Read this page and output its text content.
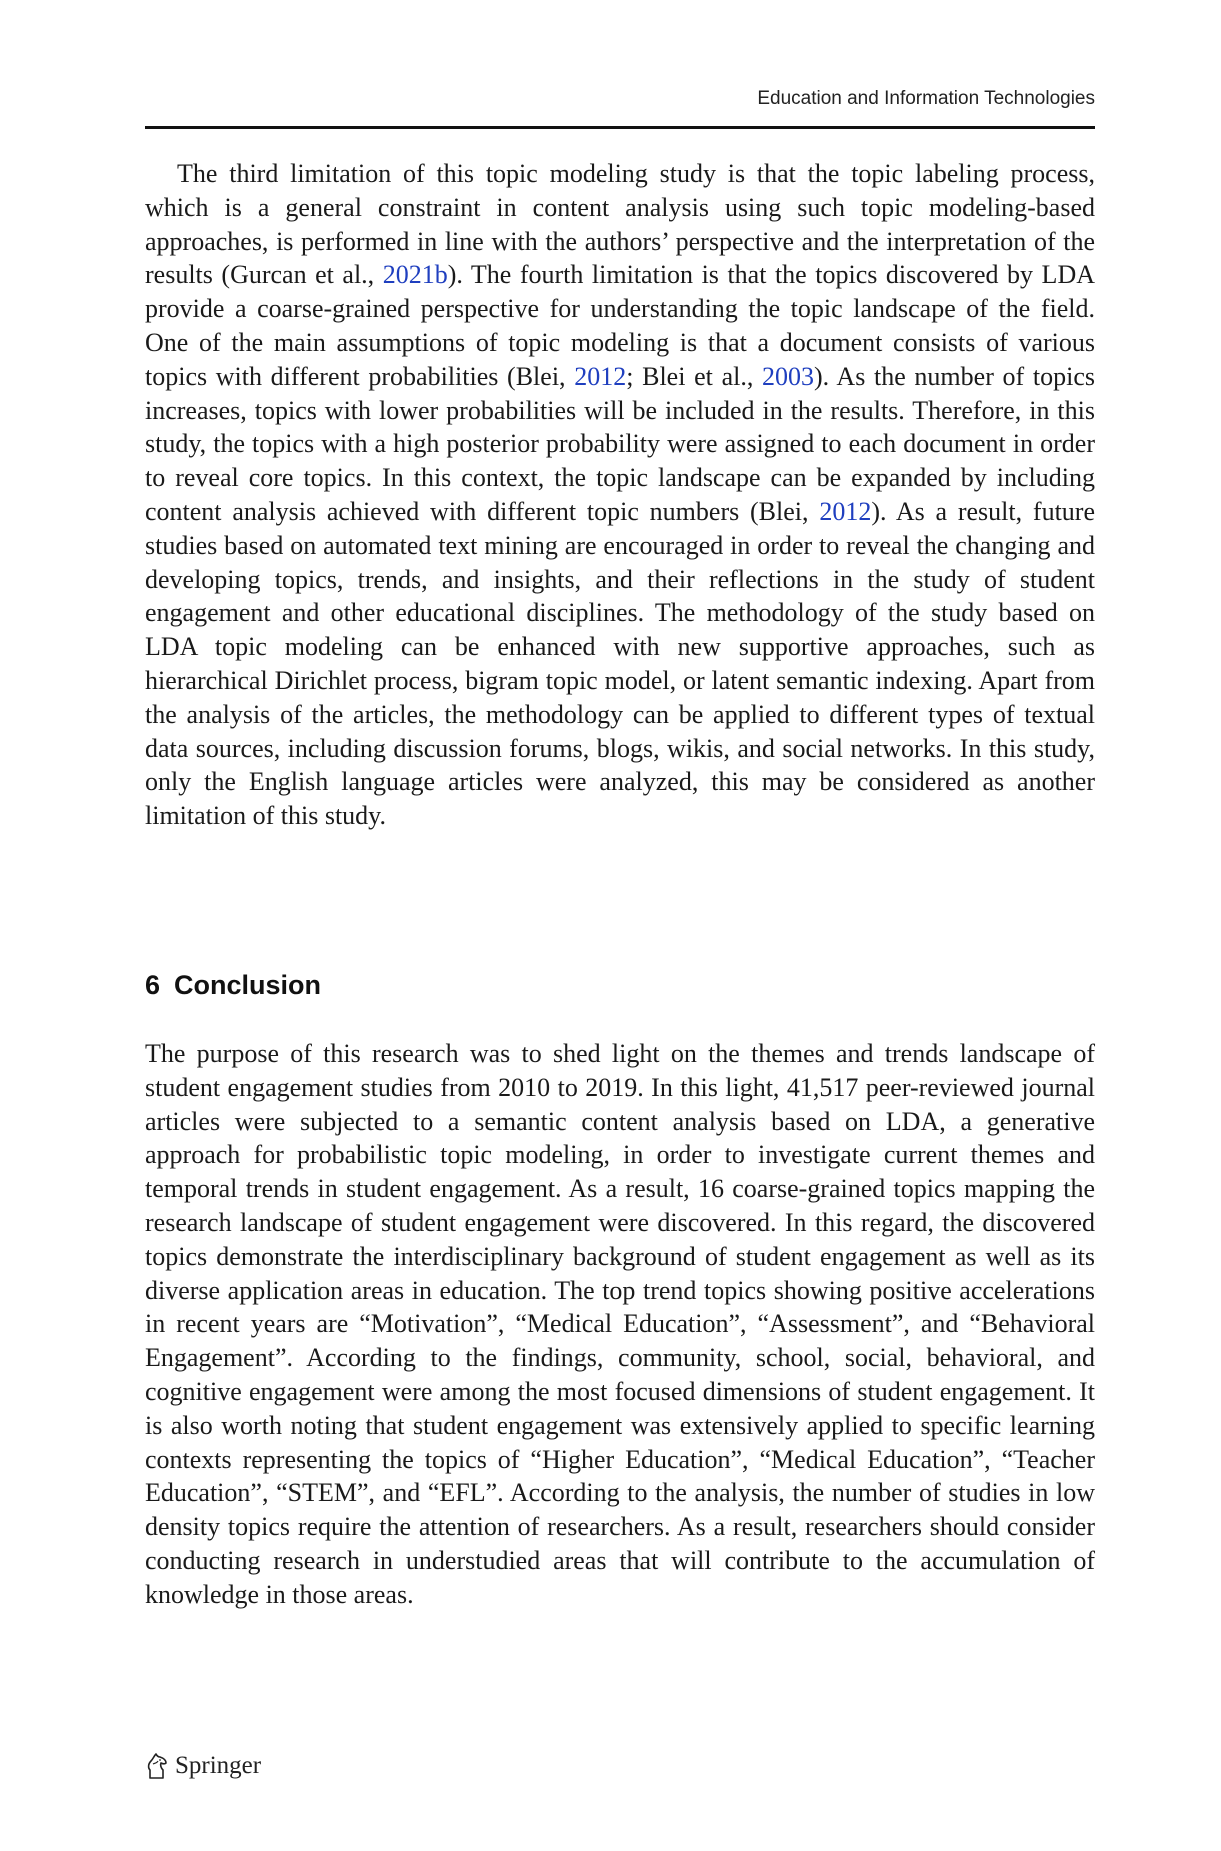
Education and Information Technologies

The third limitation of this topic modeling study is that the topic labeling process, which is a general constraint in content analysis using such topic modeling-based approaches, is performed in line with the authors’ perspective and the interpretation of the results (Gurcan et al., 2021b). The fourth limitation is that the topics discovered by LDA provide a coarse-grained perspective for understanding the topic landscape of the field. One of the main assumptions of topic modeling is that a document consists of various topics with different probabilities (Blei, 2012; Blei et al., 2003). As the number of topics increases, topics with lower probabilities will be included in the results. Therefore, in this study, the topics with a high posterior probability were assigned to each document in order to reveal core topics. In this context, the topic landscape can be expanded by including content analysis achieved with different topic numbers (Blei, 2012). As a result, future studies based on automated text mining are encouraged in order to reveal the changing and developing topics, trends, and insights, and their reflections in the study of student engagement and other educational disciplines. The methodology of the study based on LDA topic modeling can be enhanced with new supportive approaches, such as hierarchical Dirichlet process, bigram topic model, or latent semantic indexing. Apart from the analysis of the articles, the methodology can be applied to different types of textual data sources, including discussion forums, blogs, wikis, and social networks. In this study, only the English language articles were analyzed, this may be considered as another limitation of this study.

6 Conclusion

The purpose of this research was to shed light on the themes and trends landscape of student engagement studies from 2010 to 2019. In this light, 41,517 peer-reviewed journal articles were subjected to a semantic content analysis based on LDA, a generative approach for probabilistic topic modeling, in order to investigate current themes and temporal trends in student engagement. As a result, 16 coarse-grained topics mapping the research landscape of student engagement were discovered. In this regard, the discovered topics demonstrate the interdisciplinary background of student engagement as well as its diverse application areas in education. The top trend topics showing positive accelerations in recent years are “Motivation”, “Medical Education”, “Assessment”, and “Behavioral Engagement”. According to the findings, community, school, social, behavioral, and cognitive engagement were among the most focused dimensions of student engagement. It is also worth noting that student engagement was extensively applied to specific learning contexts representing the topics of “Higher Education”, “Medical Education”, “Teacher Education”, “STEM”, and “EFL”. According to the analysis, the number of studies in low density topics require the attention of researchers. As a result, researchers should consider conducting research in understudied areas that will contribute to the accumulation of knowledge in those areas.

Springer
